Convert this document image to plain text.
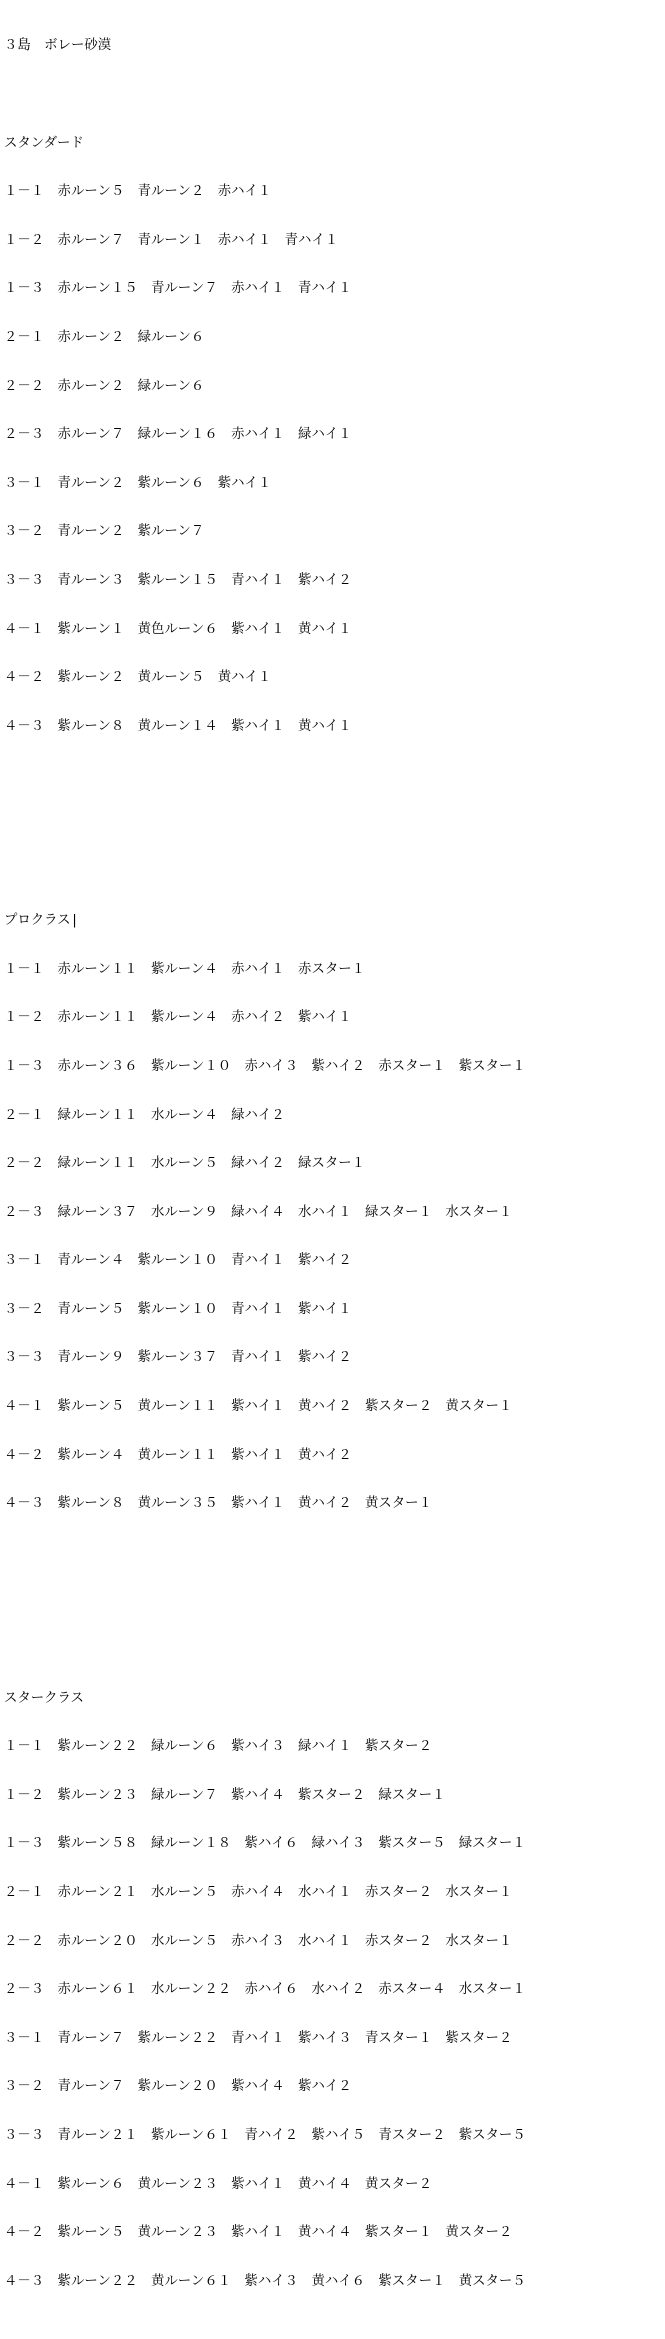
３島　ボレー砂漠

スタンダード

１－１　赤ルーン５　青ルーン２　赤ハイ１

１－２　赤ルーン７　青ルーン１　赤ハイ１　青ハイ１

１－３　赤ルーン１５　青ルーン７　赤ハイ１　青ハイ１

２－１　赤ルーン２　緑ルーン６

２－２　赤ルーン２　緑ルーン６

２－３　赤ルーン７　緑ルーン１６　赤ハイ１　緑ハイ１

３－１　青ルーン２　紫ルーン６　紫ハイ１

３－２　青ルーン２　紫ルーン７

３－３　青ルーン３　紫ルーン１５　青ハイ１　紫ハイ２

４－１　紫ルーン１　黄色ルーン６　紫ハイ１　黄ハイ１

４－２　紫ルーン２　黄ルーン５　黄ハイ１

４－３　紫ルーン８　黄ルーン１４　紫ハイ１　黄ハイ１

プロクラス|

１－１　赤ルーン１１　紫ルーン４　赤ハイ１　赤スター１

１－２　赤ルーン１１　紫ルーン４　赤ハイ２　紫ハイ１

１－３　赤ルーン３６　紫ルーン１０　赤ハイ３　紫ハイ２　赤スター１　紫スター１

２－１　緑ルーン１１　水ルーン４　緑ハイ２

２－２　緑ルーン１１　水ルーン５　緑ハイ２　緑スター１

２－３　緑ルーン３７　水ルーン９　緑ハイ４　水ハイ１　緑スター１　水スター１

３－１　青ルーン４　紫ルーン１０　青ハイ１　紫ハイ２

３－２　青ルーン５　紫ルーン１０　青ハイ１　紫ハイ１

３－３　青ルーン９　紫ルーン３７　青ハイ１　紫ハイ２

４－１　紫ルーン５　黄ルーン１１　紫ハイ１　黄ハイ２　紫スター２　黄スター１

４－２　紫ルーン４　黄ルーン１１　紫ハイ１　黄ハイ２

４－３　紫ルーン８　黄ルーン３５　紫ハイ１　黄ハイ２　黄スター１

スタークラス

１－１　紫ルーン２２　緑ルーン６　紫ハイ３　緑ハイ１　紫スター２

１－２　紫ルーン２３　緑ルーン７　紫ハイ４　紫スター２　緑スター１

１－３　紫ルーン５８　緑ルーン１８　紫ハイ６　緑ハイ３　紫スター５　緑スター１

２－１　赤ルーン２１　水ルーン５　赤ハイ４　水ハイ１　赤スター２　水スター１

２－２　赤ルーン２０　水ルーン５　赤ハイ３　水ハイ１　赤スター２　水スター１

２－３　赤ルーン６１　水ルーン２２　赤ハイ６　水ハイ２　赤スター４　水スター１

３－１　青ルーン７　紫ルーン２２　青ハイ１　紫ハイ３　青スター１　紫スター２

３－２　青ルーン７　紫ルーン２０　紫ハイ４　紫ハイ２

３－３　青ルーン２１　紫ルーン６１　青ハイ２　紫ハイ５　青スター２　紫スター５

４－１　紫ルーン６　黄ルーン２３　紫ハイ１　黄ハイ４　黄スター２

４－２　紫ルーン５　黄ルーン２３　紫ハイ１　黄ハイ４　紫スター１　黄スター２

４－３　紫ルーン２２　黄ルーン６１　紫ハイ３　黄ハイ６　紫スター１　黄スター５
